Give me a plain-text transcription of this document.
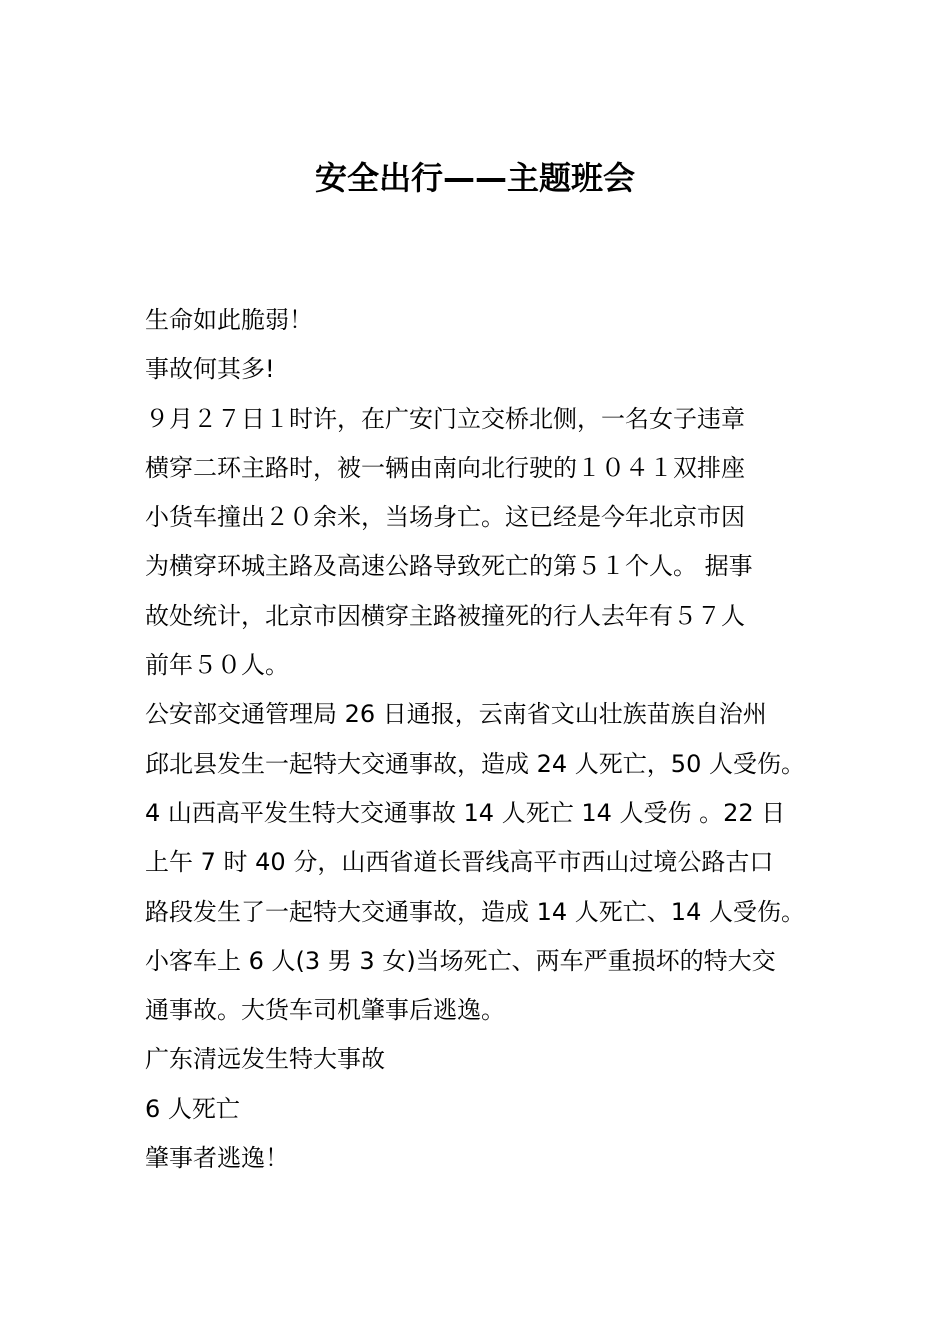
安全出行——主题班会
生命如此脆弱！
事故何其多!
９月２７日１时许，在广安门立交桥北侧，一名女子违章
横穿二环主路时，被一辆由南向北行驶的１０４１双排座
小货车撞出２０余米，当场身亡。这已经是今年北京市因
为横穿环城主路及高速公路导致死亡的第５１个人。 据事
故处统计，北京市因横穿主路被撞死的行人去年有５７人
前年５０人。
公安部交通管理局 26 日通报，云南省文山壮族苗族自治州
邱北县发生一起特大交通事故，造成 24 人死亡，50 人受伤。
4 山西高平发生特大交通事故 14 人死亡 14 人受伤 。22 日
上午 7 时 40 分，山西省道长晋线高平市西山过境公路古口
路段发生了一起特大交通事故，造成 14 人死亡、14 人受伤。
小客车上 6 人(3 男 3 女)当场死亡、两车严重损坏的特大交
通事故。大货车司机肇事后逃逸。
广东清远发生特大事故
6 人死亡
肇事者逃逸！
